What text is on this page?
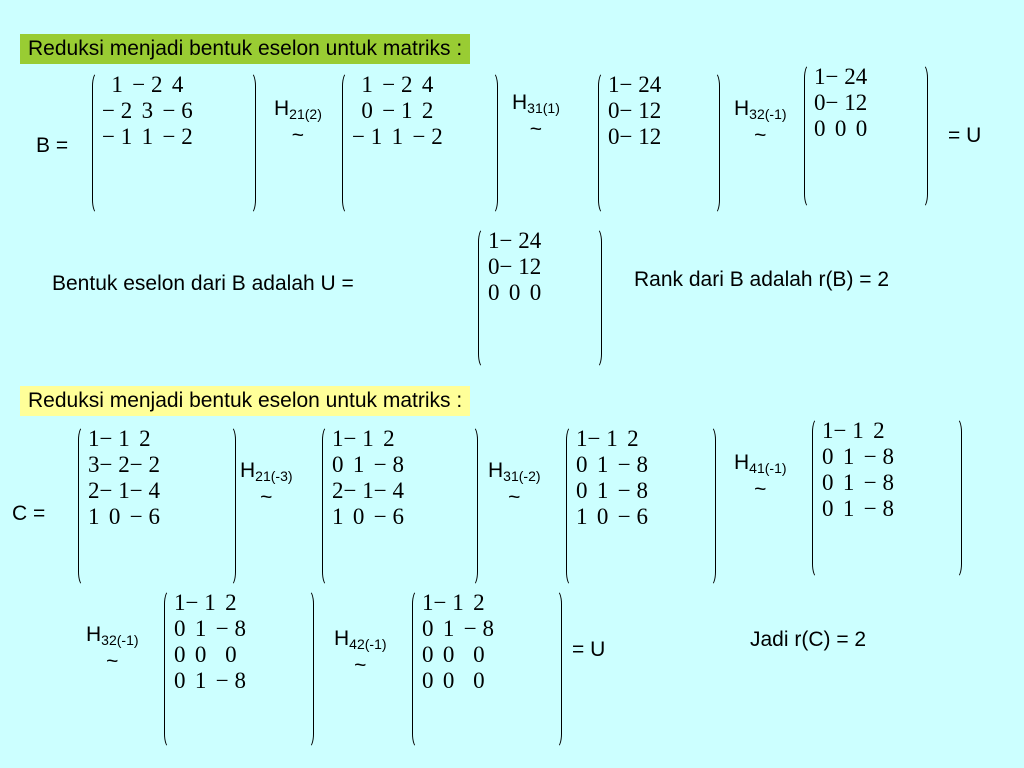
Reduksi menjadi bentuk eselon untuk matriks :
B =
1	− 2	4
− 2	3	− 6
− 1	1	− 2
$H_{21(2)}$
~
1	− 2	4
0	− 1	2
− 1	1	− 2
$H_{31(1)}$
~
1	− 2	4
0	− 1	2
0	− 1	2
$H_{32(-1)}$
~
1	− 2	4
0	− 1	2
0	0	0	= U
Bentuk eselon dari B adalah U =
1	− 2	4
0	− 1	2
0	0	0
Rank dari B adalah r(B) = 2
Reduksi menjadi bentuk eselon untuk matriks :
C =
1	− 1	2
3	− 2	− 2
2	− 1	− 4
1	0	− 6
$H_{21(-3)}$
~
1	− 1	2
0	1	− 8
2	− 1	− 4
1	0	− 6
$H_{31(-2)}$
~
1	− 1	2
0	1	− 8
0	1	− 8
1	0	− 6
$H_{41(-1)}$
~
1	− 1	2
0	1	− 8
0	1	− 8
0	1	− 8
$H_{32(-1)}$
~
1	− 1	2
0	1	− 8
0	0	0
0	1	− 8
$H_{42(-1)}$
~
1	− 1	2
0	1	− 8
0	0	0
0	0	0
= U	Jadi r(C) = 2
